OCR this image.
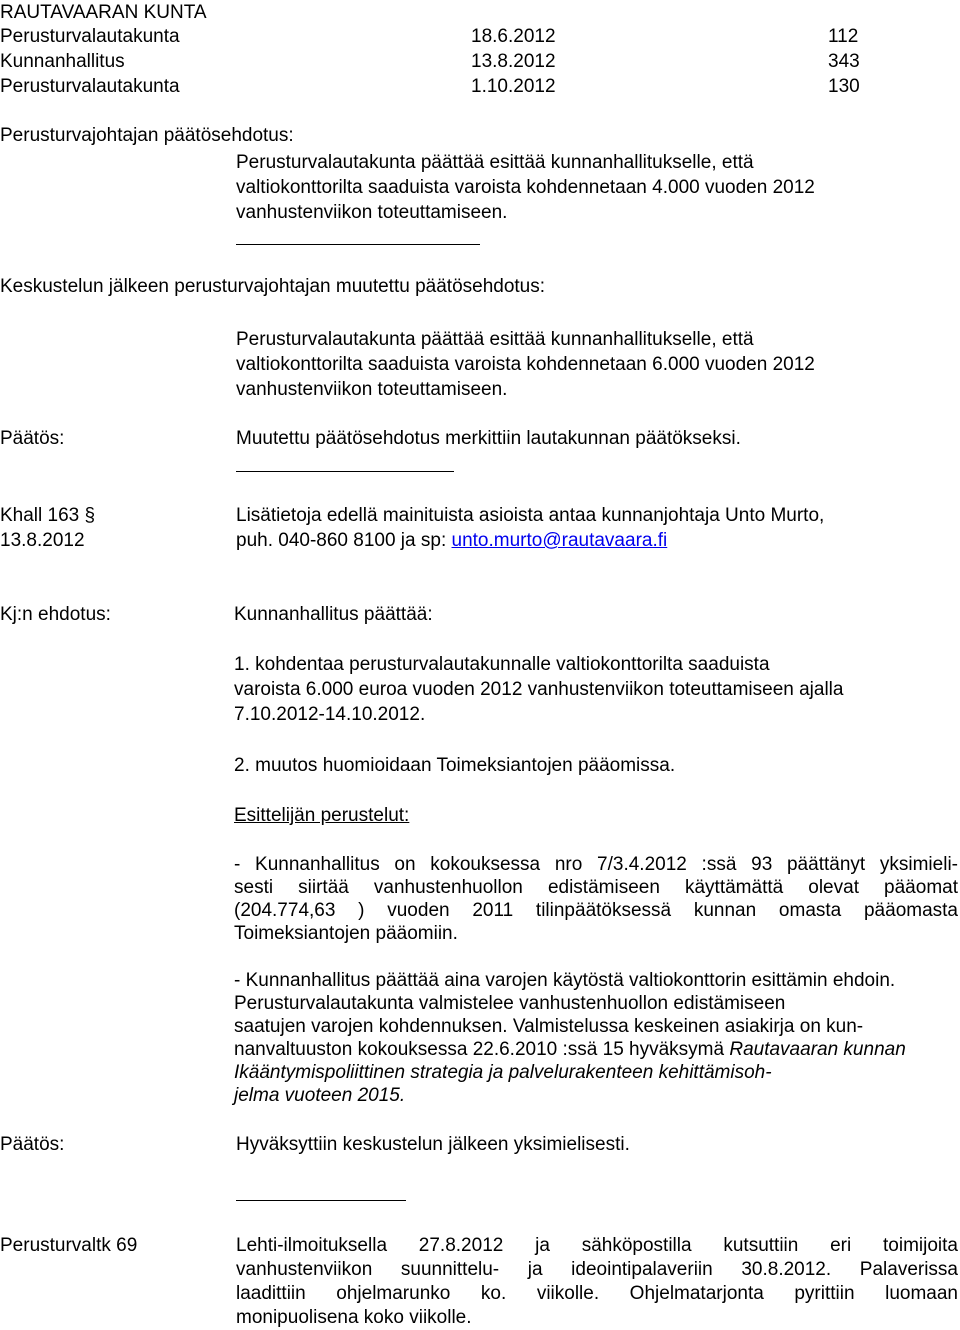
RAUTAVAARAN KUNTA
Perusturvalautakunta	18.6.2012	112
Kunnanhallitus	13.8.2012	343
Perusturvalautakunta	1.10.2012	130
Perusturvajohtajan päätösehdotus:
Perusturvalautakunta päättää esittää kunnanhallitukselle, että
valtiokonttorilta saaduista varoista kohdennetaan 4.000 vuoden 2012
vanhustenviikon toteuttamiseen.
Keskustelun jälkeen perusturvajohtajan muutettu päätösehdotus:
Perusturvalautakunta päättää esittää kunnanhallitukselle, että
valtiokonttorilta saaduista varoista kohdennetaan 6.000 vuoden 2012
vanhustenviikon toteuttamiseen.
Päätös:	Muutettu päätösehdotus merkittiin lautakunnan päätökseksi.
Khall 163 §
13.8.2012
Lisätietoja edellä mainituista asioista antaa kunnanjohtaja Unto Murto,
puh. 040-860 8100 ja sp: unto.murto@rautavaara.fi
Kj:n ehdotus:	Kunnanhallitus päättää:
1. kohdentaa perusturvalautakunnalle valtiokonttorilta saaduista
varoista 6.000 euroa vuoden 2012 vanhustenviikon toteuttamiseen ajalla
7.10.2012-14.10.2012.
2. muutos huomioidaan Toimeksiantojen pääomissa.
Esittelijän perustelut:
- Kunnanhallitus on kokouksessa nro 7/3.4.2012 :ssä 93 päättänyt yksimieli-
sesti siirtää vanhustenhuollon edistämiseen käyttämättä olevat pääomat
(204.774,63 ) vuoden 2011 tilinpäätöksessä kunnan omasta pääomasta
Toimeksiantojen pääomiin.
- Kunnanhallitus päättää aina varojen käytöstä valtiokonttorin esittämin ehdoin.
Perusturvalautakunta valmistelee vanhustenhuollon edistämiseen
saatujen varojen kohdennuksen. Valmistelussa keskeinen asiakirja on kun-
nanvaltuuston kokouksessa 22.6.2010 :ssä 15 hyväksymä Rautavaaran kunnan
Ikääntymispoliittinen strategia ja palvelurakenteen kehittämisoh-
jelma vuoteen 2015.
Päätös:	Hyväksyttiin keskustelun jälkeen yksimielisesti.
Perusturvaltk 69	Lehti-ilmoituksella 27.8.2012 ja sähköpostilla kutsuttiin eri toimijoita
vanhustenviikon suunnittelu- ja ideointipalaveriin 30.8.2012. Palaverissa
laadittiin ohjelmarunko ko. viikolle. Ohjelmatarjonta pyrittiin luomaan
monipuolisena koko viikolle.
